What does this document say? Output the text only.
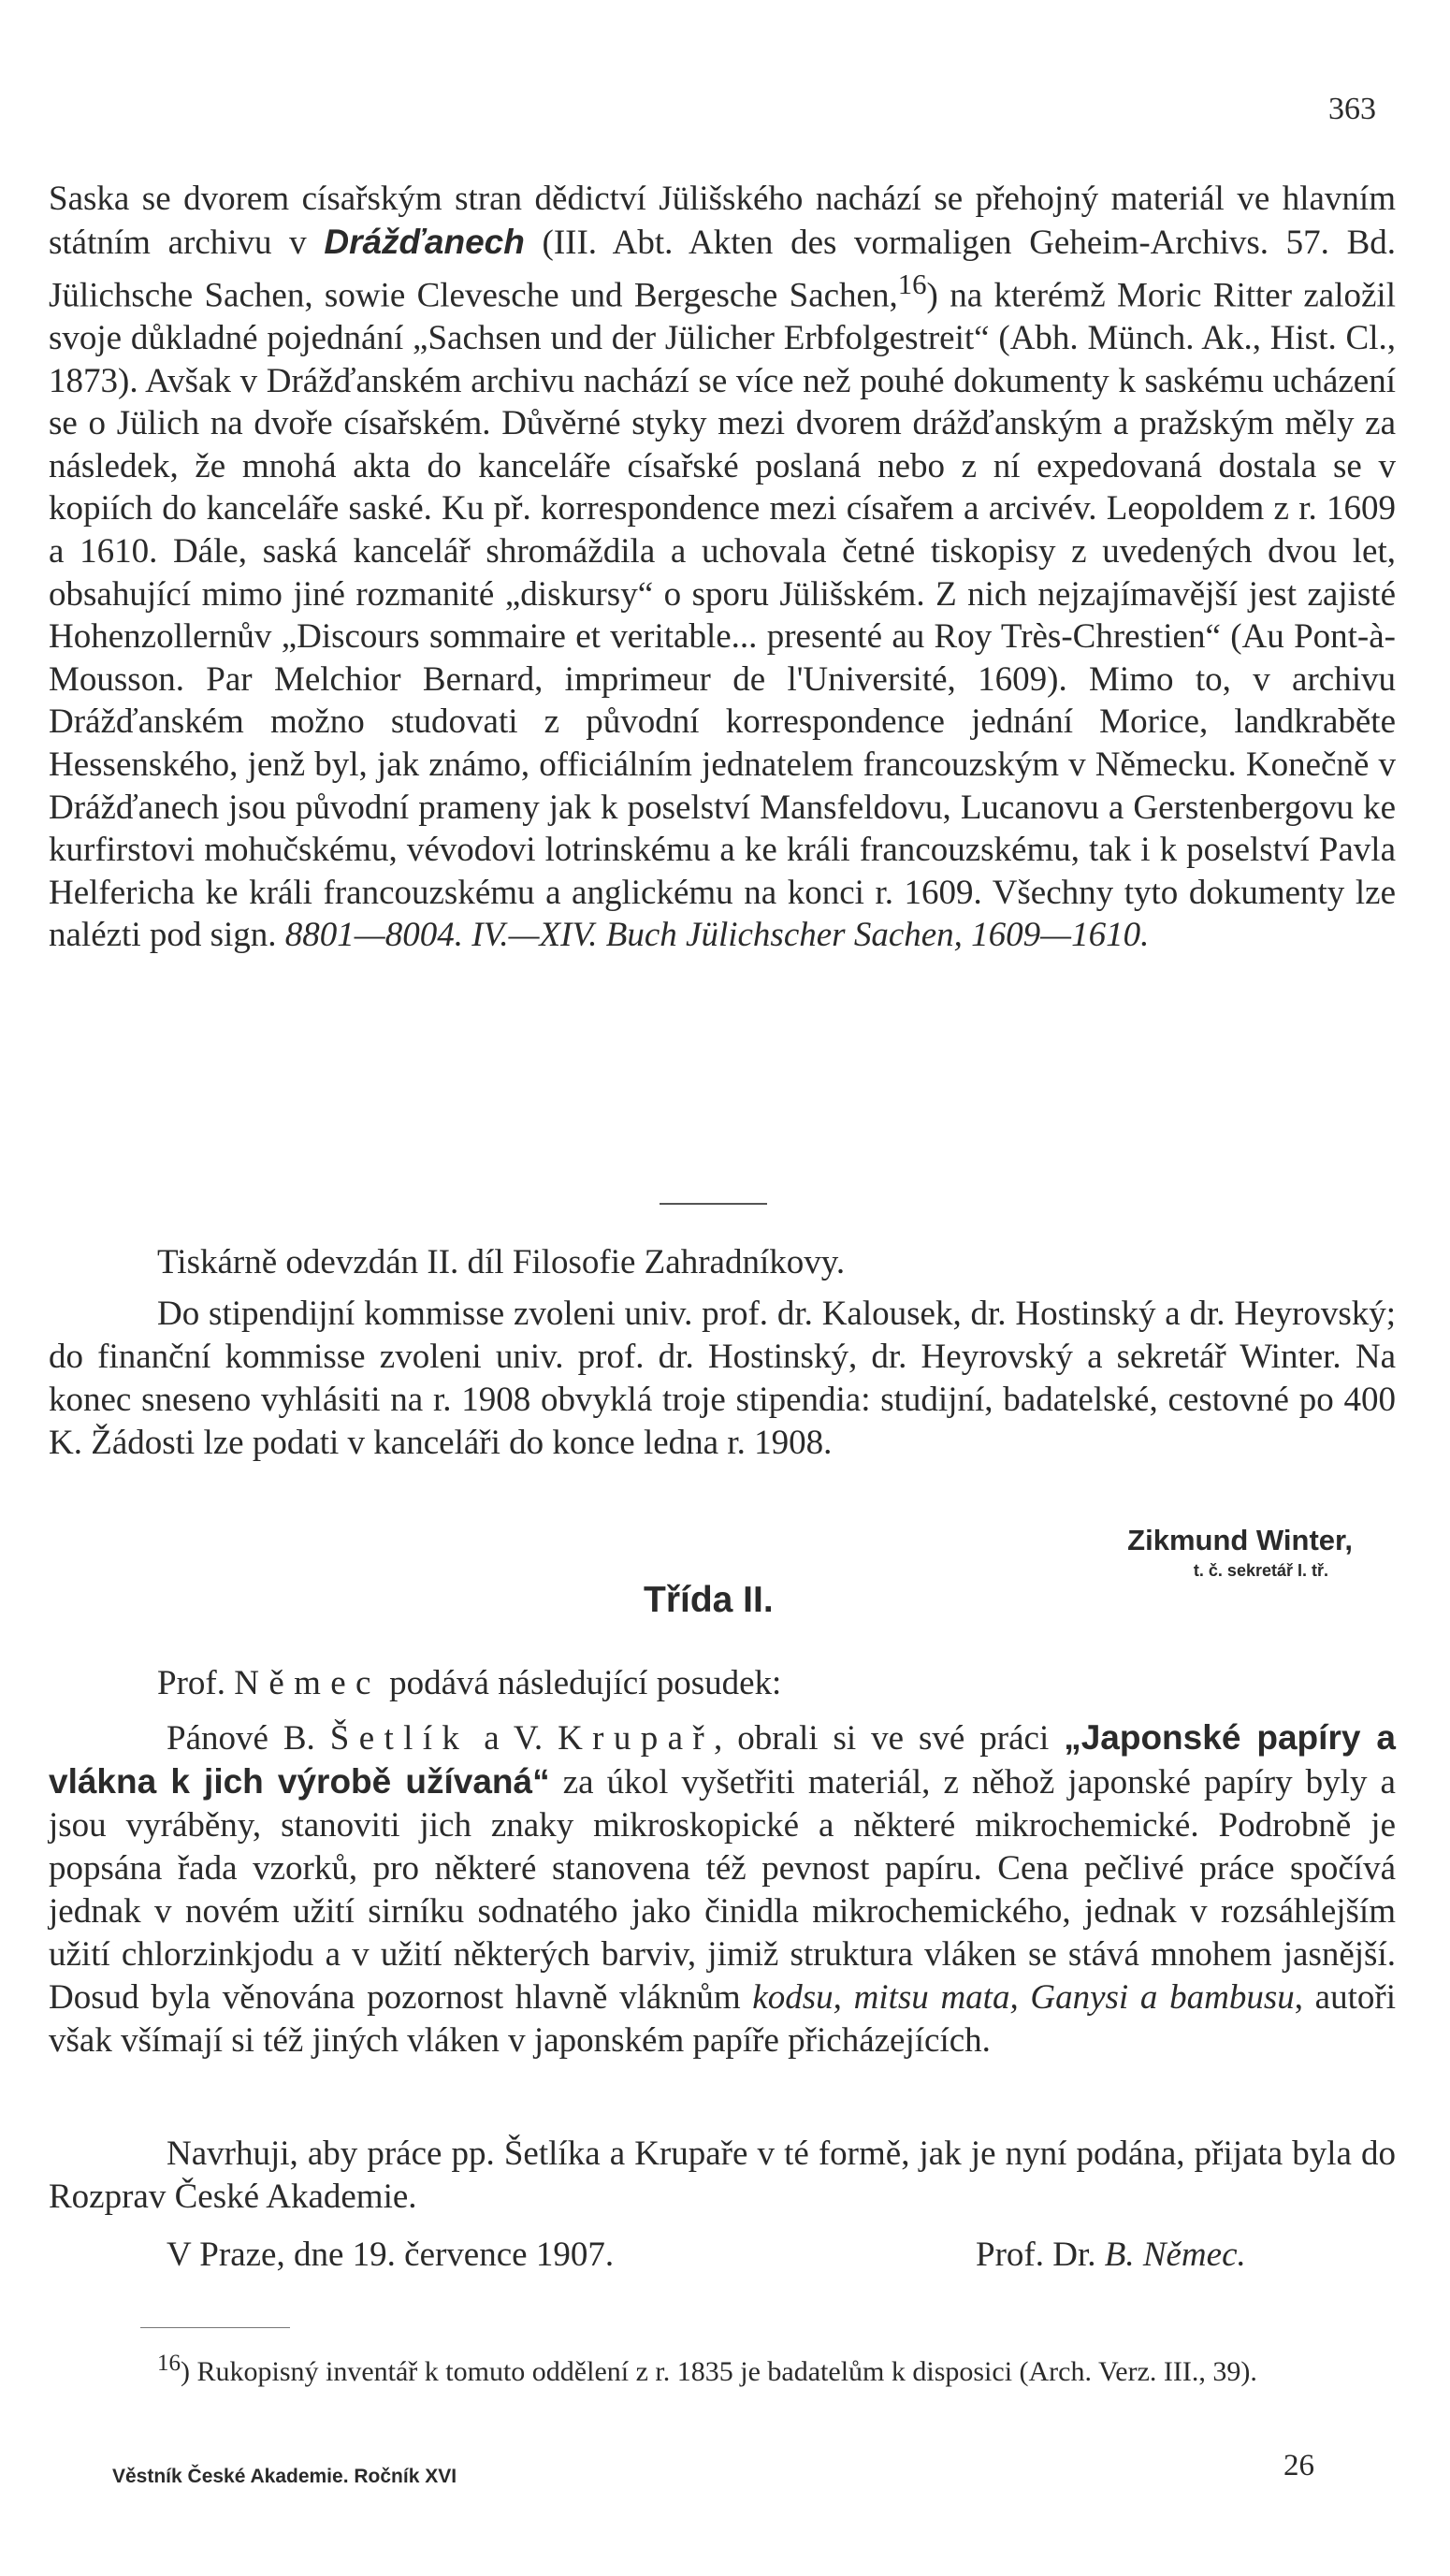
363
Saska se dvorem císařským stran dědictví Jülišského nachází se přehojný materiál ve hlavním státním archivu v Drážďanech (III. Abt. Akten des vormaligen Geheim-Archivs. 57. Bd. Jülichsche Sachen, sowie Clevesche und Bergesche Sachen,$^{16}$) na kterémž Moric Ritter založil svoje důkladné pojednání „Sachsen und der Jülicher Erbfolgestreit“ (Abh. Münch. Ak., Hist. Cl., 1873). Avšak v Drážďanském archivu nachází se více než pouhé dokumenty k saskému ucházení se o Jülich na dvoře císařském. Důvěrné styky mezi dvorem drážďanským a pražským měly za následek, že mnohá akta do kanceláře císařské poslaná nebo z ní expedovaná dostala se v kopiích do kanceláře saské. Ku př. korrespondence mezi císařem a arcivév. Leopoldem z r. 1609 a 1610. Dále, saská kancelář shromáždila a uchovala četné tiskopisy z uvedených dvou let, obsahující mimo jiné rozmanité „diskursy“ o sporu Jülišském. Z nich nejzajímavější jest zajisté Hohenzollernův „Discours sommaire et veritable... presenté au Roy Très-Chrestien“ (Au Pont-à-Mousson. Par Melchior Bernard, imprimeur de l'Université, 1609). Mimo to, v archivu Drážďanském možno studovati z původní korrespondence jednání Morice, landkraběte Hessenského, jenž byl, jak známo, officiálním jednatelem francouzským v Německu. Konečně v Drážďanech jsou původní prameny jak k poselství Mansfeldovu, Lucanovu a Gerstenbergovu ke kurfirstovi mohučskému, vévodovi lotrinskému a ke králi francouzskému, tak i k poselství Pavla Helfericha ke králi francouzskému a anglickému na konci r. 1609. Všechny tyto dokumenty lze nalézti pod sign. 8801—8004. IV.—XIV. Buch Jülichscher Sachen, 1609—1610.
Tiskárně odevzdán II. díl Filosofie Zahradníkovy.
Do stipendijní kommisse zvoleni univ. prof. dr. Kalousek, dr. Hostinský a dr. Heyrovský; do finanční kommisse zvoleni univ. prof. dr. Hostinský, dr. Heyrovský a sekretář Winter. Na konec sneseno vyhlásiti na r. 1908 obvyklá troje stipendia: studijní, badatelské, cestovné po 400 K. Žádosti lze podati v kanceláři do konce ledna r. 1908.
Zikmund Winter,
t. č. sekretář I. tř.
Třída II.
Prof. Němec podává následující posudek:
Pánové B. Šetlík a V. Krupař, obrali si ve své práci „Japonské papíry a vlákna k jich výrobě užívaná“ za úkol vyšetřiti materiál, z něhož japonské papíry byly a jsou vyráběny, stanoviti jich znaky mikroskopické a některé mikrochemické. Podrobně je popsána řada vzorků, pro některé stanovena též pevnost papíru. Cena pečlivé práce spočívá jednak v novém užití sirníku sodnatého jako činidla mikrochemického, jednak v rozsáhlejším užití chlorzinkjodu a v užití některých barviv, jimiž struktura vláken se stává mnohem jasnější. Dosud byla věnována pozornost hlavně vláknům kodsu, mitsu mata, Ganysi a bambusu, autoři však všímají si též jiných vláken v japonském papíře přicházejících.
Navrhuji, aby práce pp. Šetlíka a Krupaře v té formě, jak je nyní podána, přijata byla do Rozprav České Akademie.
V Praze, dne 19. července 1907.	Prof. Dr. B. Němec.
$^{16}$) Rukopisný inventář k tomuto oddělení z r. 1835 je badatelům k disposici (Arch. Verz. III., 39).
Věstník České Akademie. Ročník XVI	26
